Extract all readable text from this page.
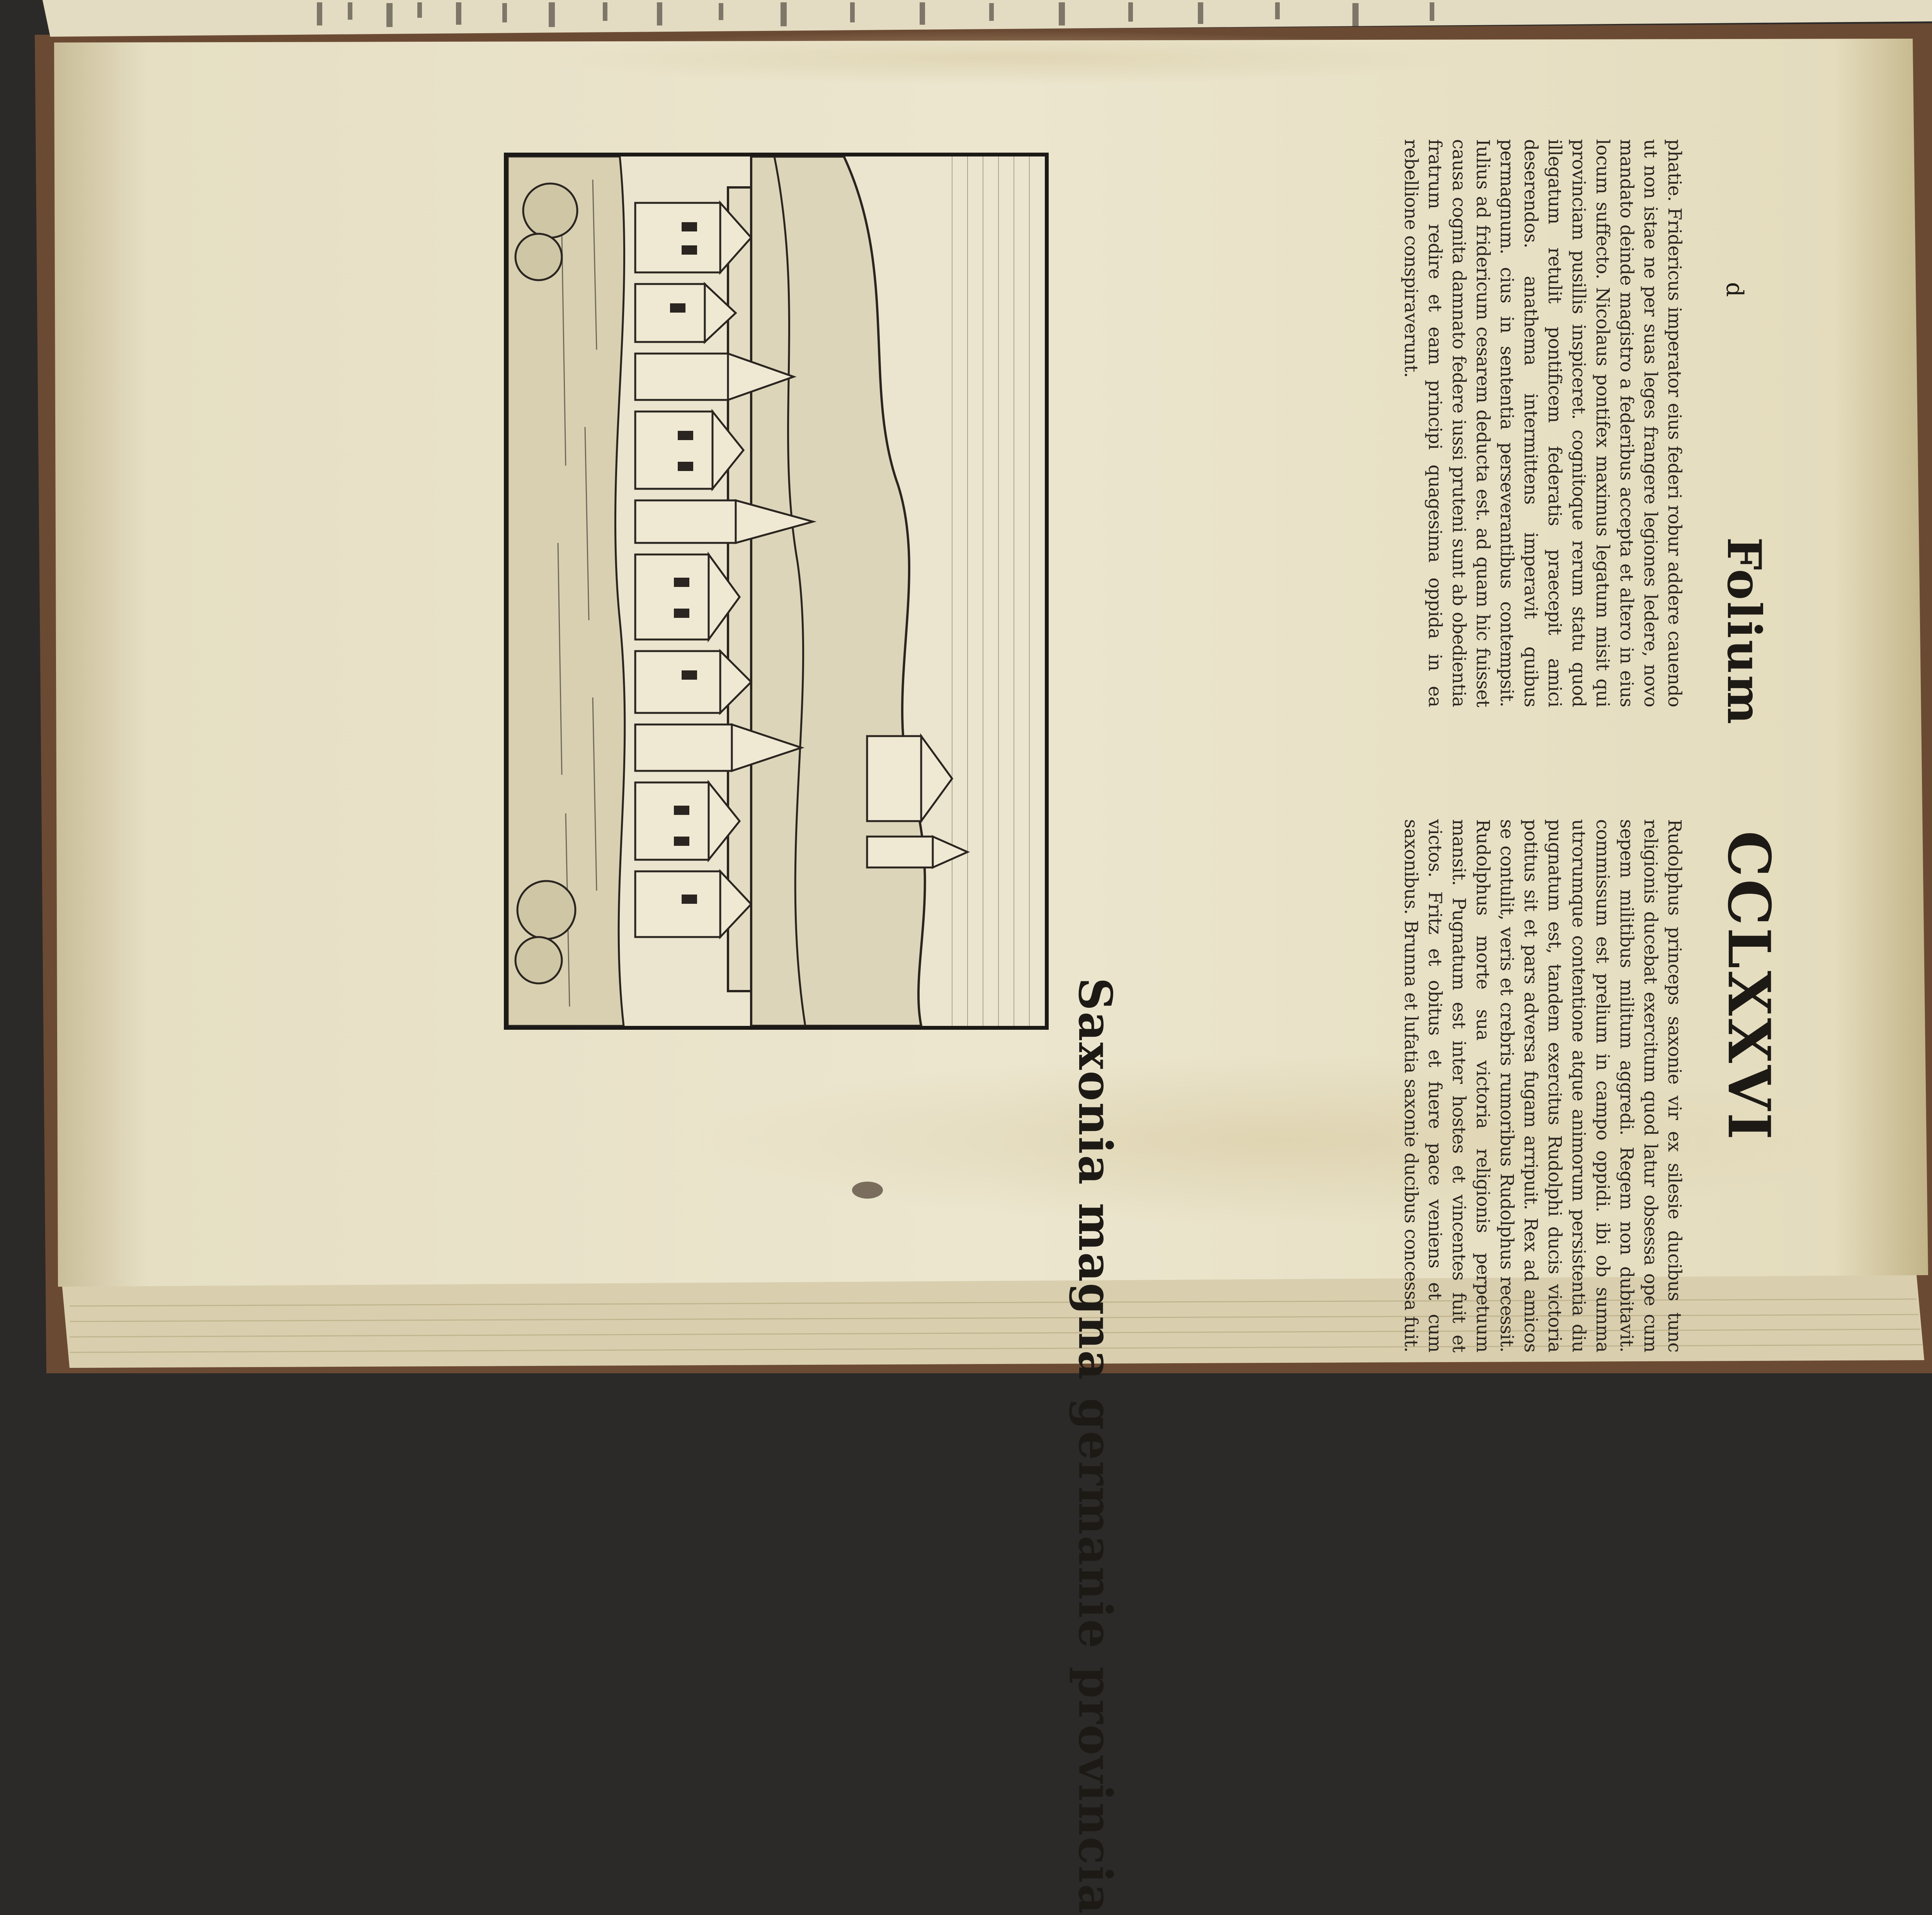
Folium
CCLXXVI
d
phatie. Fridericus imperator eius federi robur addere cauendo ut non istae ne per suas leges frangere legiones ledere, novo mandato deinde magistro a federibus accepta et altero in eius locum suffecto. Nicolaus pontifex maximus legatum misit qui provinciam pusillis inspiceret. cognitoque rerum statu quod illegatum retulit pontificem federatis praecepit amici deserendos. anathema intermittens imperavit quibus permagnum. cius in sententia perseverantibus contempsit. Iulius ad fridericum cesarem deducta est. ad quam hic fuisset causa cognita damnato federe iussi pruteni sunt ab obedientia fratrum redire et eam principi quagesima oppida in ea rebellione conspiraverunt.
Rudolphus princeps saxonie vir ex silesie ducibus tunc religionis ducebat exercitum quod latur obsessa ope cum sepem militibus militum aggredi. Regem non dubitavit. commissum est prelium in campo oppidi. ibi ob summa utrorumque contentione atque animorum persistentia diu pugnatum est, tandem exercitus Rudolphi ducis victoria potitus sit et pars adversa fugam arripuit. Rex ad amicos se contulit, veris et crebris rumoribus Rudolphus recessit. Rudolphus morte sua victoria religionis perpetuum mansit. Pugnatum est inter hostes et vincentes fuit et victos. Fritz et obitus et fuere pace veniens et cum saxonibus. Brunna et lufatia saxonie ducibus concessa fuit.
Saxonia magna germanie provincia
